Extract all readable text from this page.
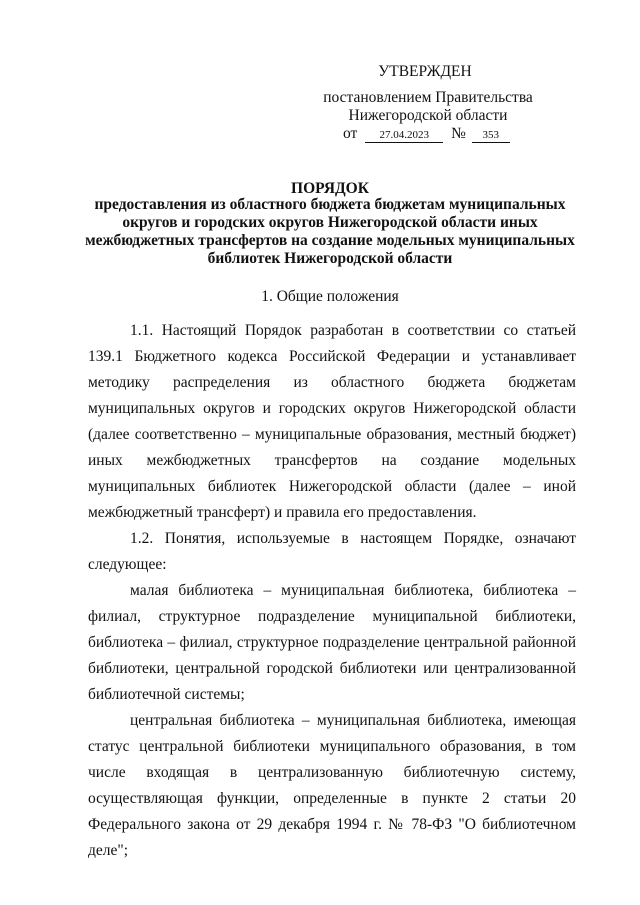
УТВЕРЖДЕН
постановлением Правительства
Нижегородской области
от 27.04.2023 № 353
ПОРЯДОК
предоставления из областного бюджета бюджетам муниципальных
округов и городских округов Нижегородской области иных
межбюджетных трансфертов на создание модельных муниципальных
библиотек Нижегородской области
1. Общие положения

1.1. Настоящий Порядок разработан в соответствии со статьей 139.1 Бюджетного кодекса Российской Федерации и устанавливает методику распределения из областного бюджета бюджетам муниципальных округов и городских округов Нижегородской области (далее соответственно – муниципальные образования, местный бюджет) иных межбюджетных трансфертов на создание модельных муниципальных библиотек Нижегородской области (далее – иной межбюджетный трансферт) и правила его предоставления.

1.2. Понятия, используемые в настоящем Порядке, означают следующее:

малая библиотека – муниципальная библиотека, библиотека – филиал, структурное подразделение муниципальной библиотеки, библиотека – филиал, структурное подразделение центральной районной библиотеки, центральной городской библиотеки или централизованной библиотечной системы;

центральная библиотека – муниципальная библиотека, имеющая статус центральной библиотеки муниципального образования, в том числе входящая в централизованную библиотечную систему, осуществляющая функции, определенные в пункте 2 статьи 20 Федерального закона от 29 декабря 1994 г. № 78-ФЗ "О библиотечном деле";
